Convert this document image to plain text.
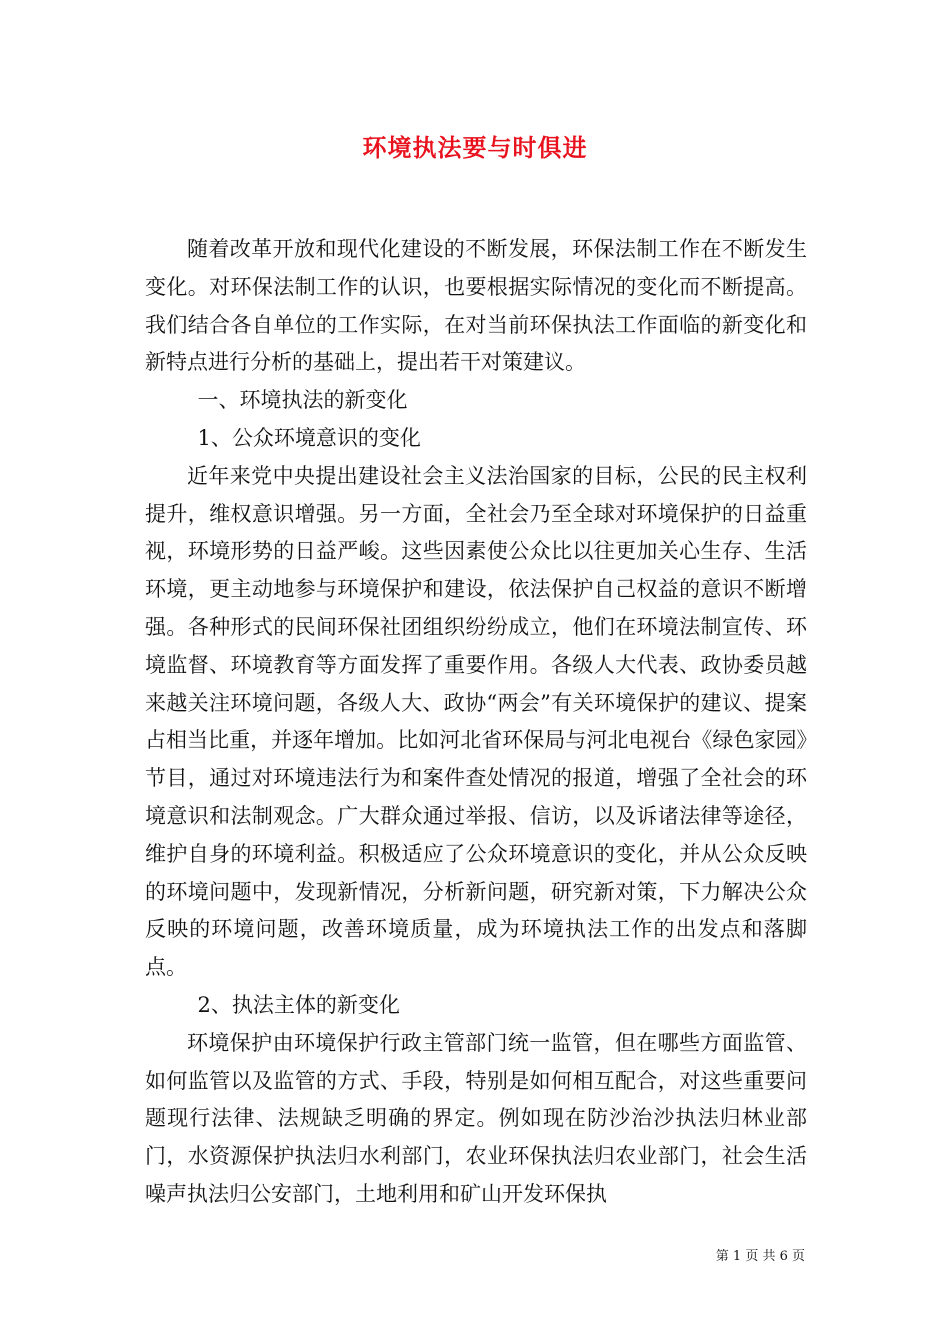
环境执法要与时俱进

随着改革开放和现代化建设的不断发展，环保法制工作在不断发生变化。对环保法制工作的认识，也要根据实际情况的变化而不断提高。我们结合各自单位的工作实际，在对当前环保执法工作面临的新变化和新特点进行分析的基础上，提出若干对策建议。

一、环境执法的新变化

1、公众环境意识的变化

近年来党中央提出建设社会主义法治国家的目标，公民的民主权利提升，维权意识增强。另一方面，全社会乃至全球对环境保护的日益重视，环境形势的日益严峻。这些因素使公众比以往更加关心生存、生活环境，更主动地参与环境保护和建设，依法保护自己权益的意识不断增强。各种形式的民间环保社团组织纷纷成立，他们在环境法制宣传、环境监督、环境教育等方面发挥了重要作用。各级人大代表、政协委员越来越关注环境问题，各级人大、政协“两会”有关环境保护的建议、提案占相当比重，并逐年增加。比如河北省环保局与河北电视台《绿色家园》节目，通过对环境违法行为和案件查处情况的报道，增强了全社会的环境意识和法制观念。广大群众通过举报、信访，以及诉诸法律等途径，维护自身的环境利益。积极适应了公众环境意识的变化，并从公众反映的环境问题中，发现新情况，分析新问题，研究新对策，下力解决公众反映的环境问题，改善环境质量，成为环境执法工作的出发点和落脚点。

2、执法主体的新变化

环境保护由环境保护行政主管部门统一监管，但在哪些方面监管、如何监管以及监管的方式、手段，特别是如何相互配合，对这些重要问题现行法律、法规缺乏明确的界定。例如现在防沙治沙执法归林业部门，水资源保护执法归水利部门，农业环保执法归农业部门，社会生活噪声执法归公安部门，土地利用和矿山开发环保执

第 1 页 共 6 页
